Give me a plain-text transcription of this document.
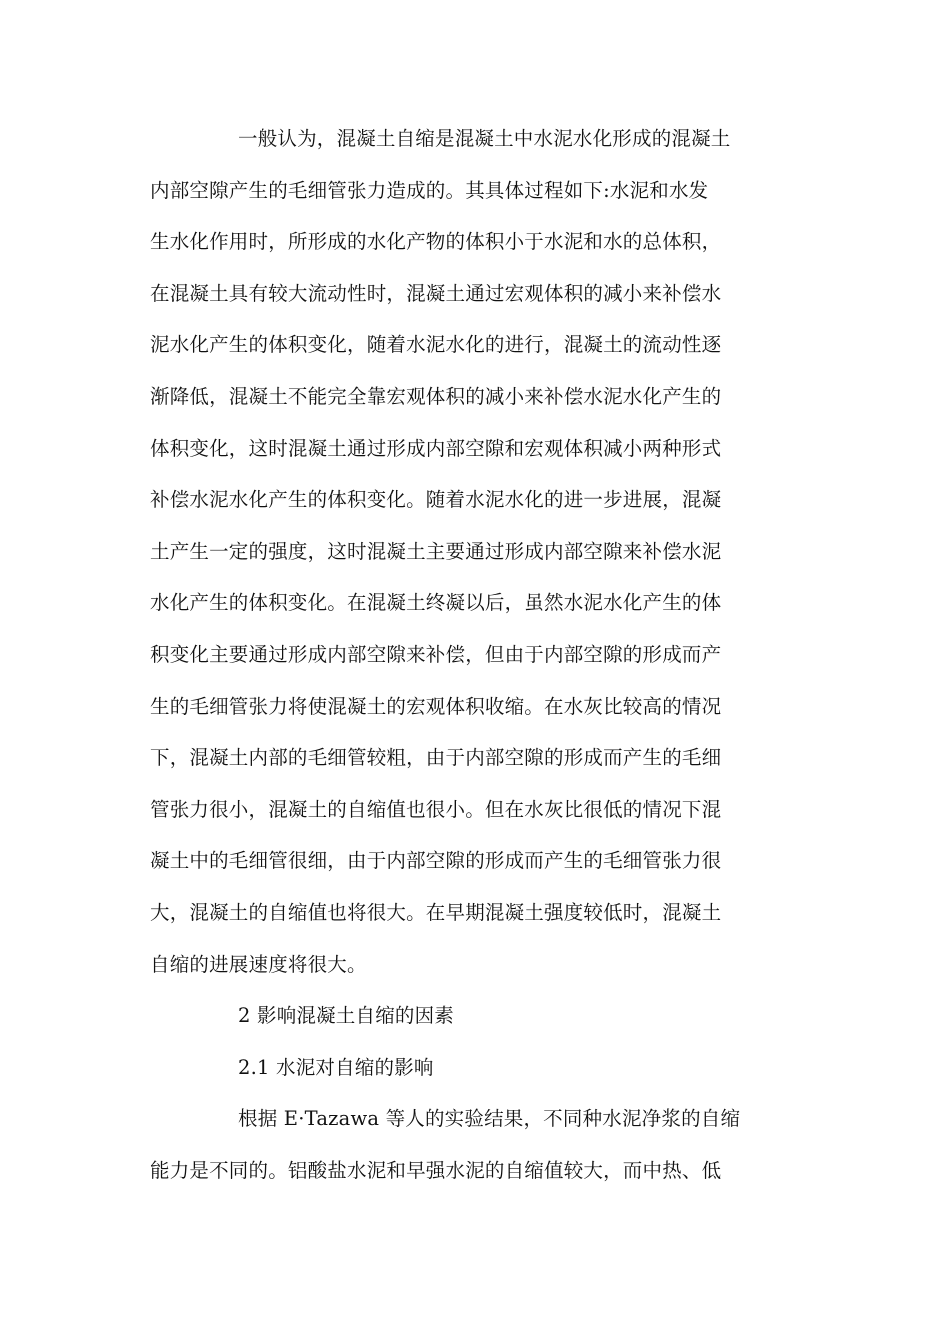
一般认为，混凝土自缩是混凝土中水泥水化形成的混凝土
内部空隙产生的毛细管张力造成的。其具体过程如下:水泥和水发
生水化作用时，所形成的水化产物的体积小于水泥和水的总体积，
在混凝土具有较大流动性时，混凝土通过宏观体积的减小来补偿水
泥水化产生的体积变化，随着水泥水化的进行，混凝土的流动性逐
渐降低，混凝土不能完全靠宏观体积的减小来补偿水泥水化产生的
体积变化，这时混凝土通过形成内部空隙和宏观体积减小两种形式
补偿水泥水化产生的体积变化。随着水泥水化的进一步进展，混凝
土产生一定的强度，这时混凝土主要通过形成内部空隙来补偿水泥
水化产生的体积变化。在混凝土终凝以后，虽然水泥水化产生的体
积变化主要通过形成内部空隙来补偿，但由于内部空隙的形成而产
生的毛细管张力将使混凝土的宏观体积收缩。在水灰比较高的情况
下，混凝土内部的毛细管较粗，由于内部空隙的形成而产生的毛细
管张力很小，混凝土的自缩值也很小。但在水灰比很低的情况下混
凝土中的毛细管很细，由于内部空隙的形成而产生的毛细管张力很
大，混凝土的自缩值也将很大。在早期混凝土强度较低时，混凝土
自缩的进展速度将很大。
2 影响混凝土自缩的因素
2.1 水泥对自缩的影响
根据 E·Tazawa 等人的实验结果，不同种水泥净浆的自缩
能力是不同的。铝酸盐水泥和早强水泥的自缩值较大，而中热、低
